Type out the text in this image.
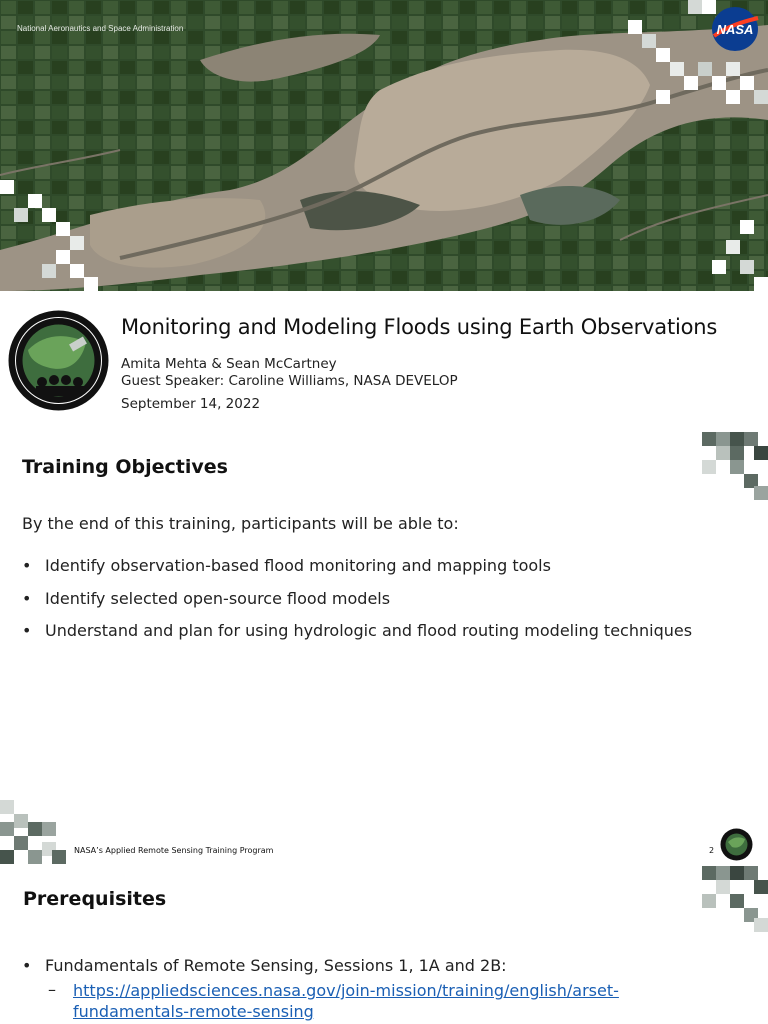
National Aeronautics and Space Administration	NASA
Monitoring and Modeling Floods using Earth Observations
Amita Mehta & Sean McCartney
Guest Speaker: Caroline Williams, NASA DEVELOP
September 14, 2022
Training Objectives
By the end of this training, participants will be able to:
• Identify observation-based flood monitoring and mapping tools
• Identify selected open-source flood models
• Understand and plan for using hydrologic and flood routing modeling techniques
NASA’s Applied Remote Sensing Training Program	2
Prerequisites
• Fundamentals of Remote Sensing, Sessions 1, 1A and 2B:
– https://appliedsciences.nasa.gov/join-mission/training/english/arset-fundamentals-remote-sensing
